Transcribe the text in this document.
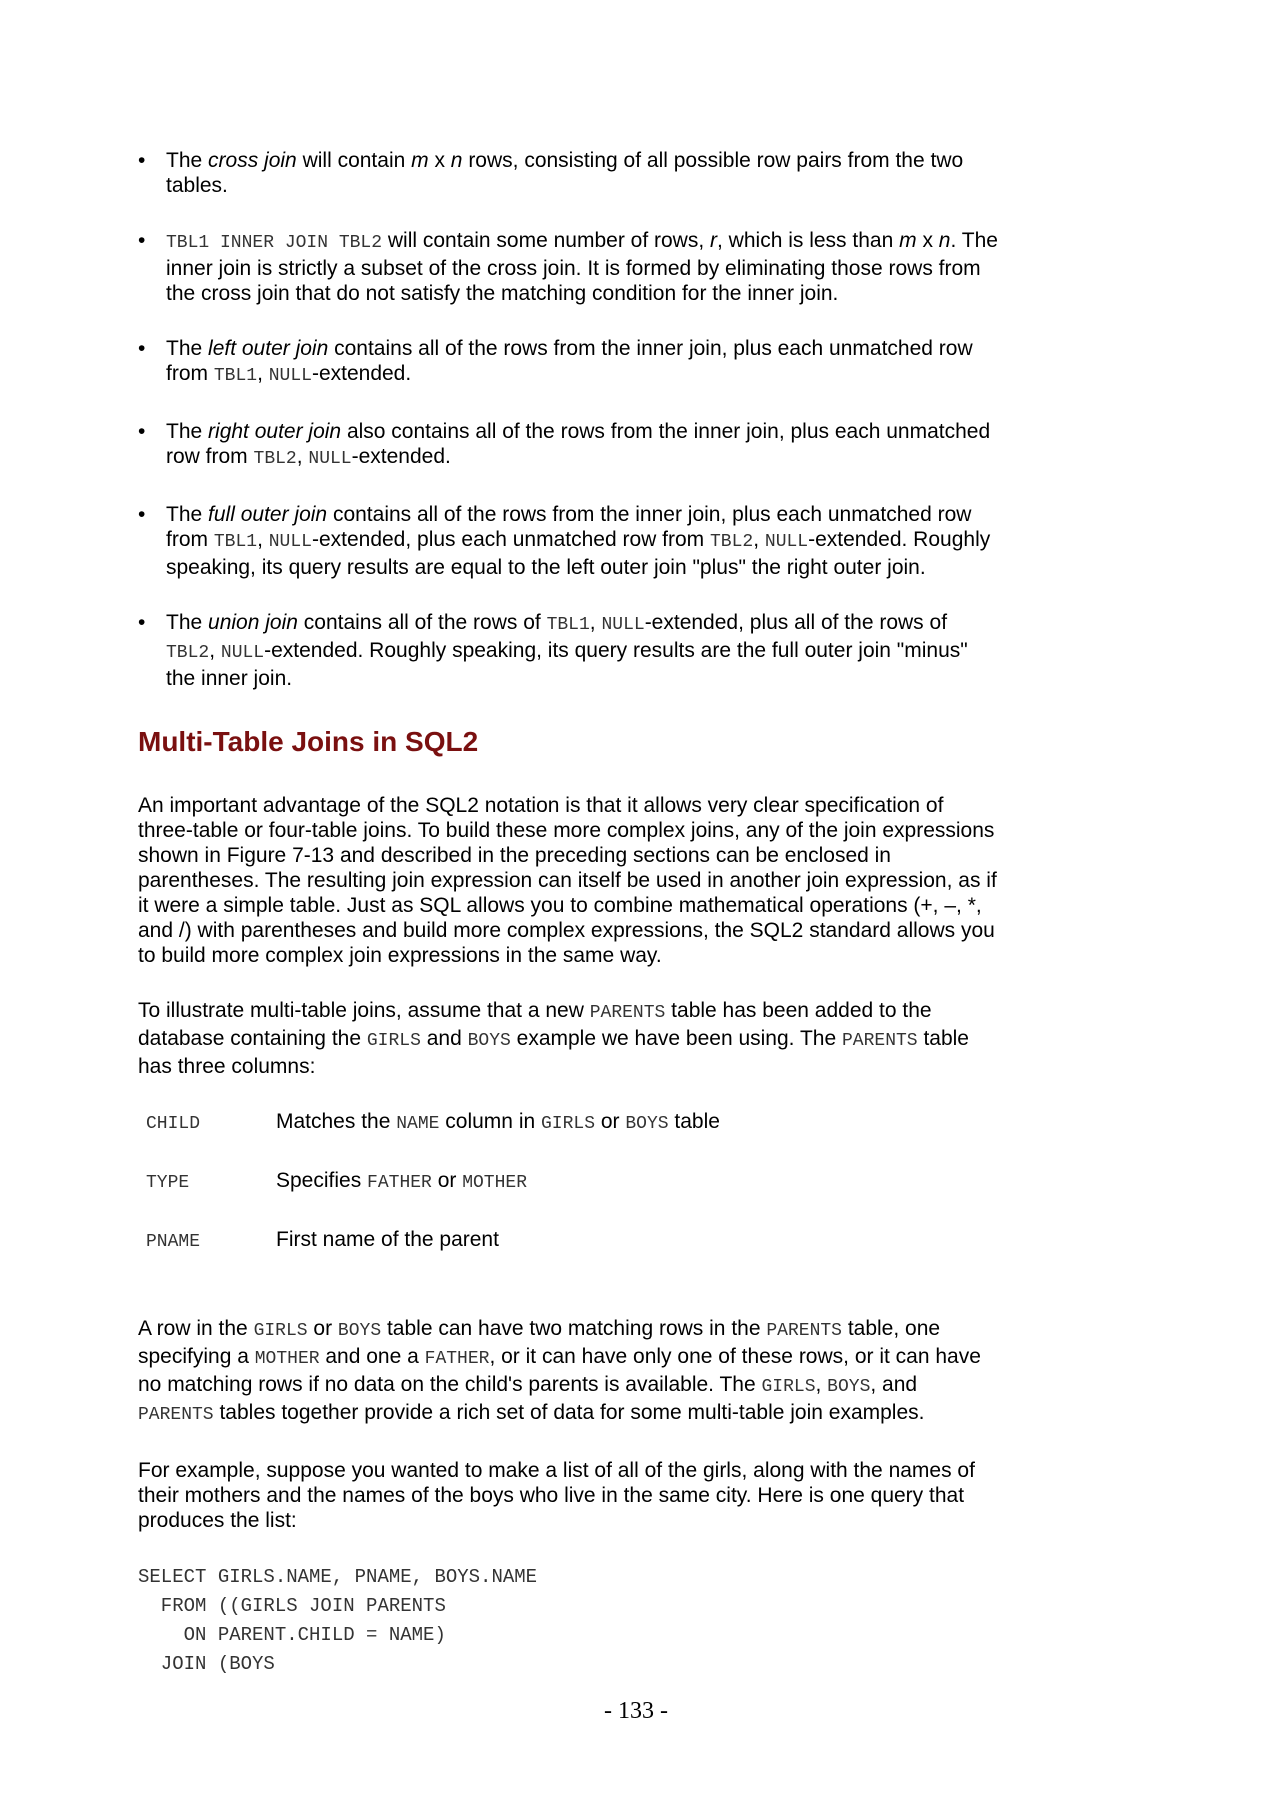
• The cross join will contain m x n rows, consisting of all possible row pairs from the two tables.
• TBL1 INNER JOIN TBL2 will contain some number of rows, r, which is less than m x n. The inner join is strictly a subset of the cross join. It is formed by eliminating those rows from the cross join that do not satisfy the matching condition for the inner join.
• The left outer join contains all of the rows from the inner join, plus each unmatched row from TBL1, NULL-extended.
• The right outer join also contains all of the rows from the inner join, plus each unmatched row from TBL2, NULL-extended.
• The full outer join contains all of the rows from the inner join, plus each unmatched row from TBL1, NULL-extended, plus each unmatched row from TBL2, NULL-extended. Roughly speaking, its query results are equal to the left outer join "plus" the right outer join.
• The union join contains all of the rows of TBL1, NULL-extended, plus all of the rows of TBL2, NULL-extended. Roughly speaking, its query results are the full outer join "minus" the inner join.
Multi-Table Joins in SQL2

An important advantage of the SQL2 notation is that it allows very clear specification of three-table or four-table joins. To build these more complex joins, any of the join expressions shown in Figure 7-13 and described in the preceding sections can be enclosed in parentheses. The resulting join expression can itself be used in another join expression, as if it were a simple table. Just as SQL allows you to combine mathematical operations (+, –, *, and /) with parentheses and build more complex expressions, the SQL2 standard allows you to build more complex join expressions in the same way.

To illustrate multi-table joins, assume that a new PARENTS table has been added to the database containing the GIRLS and BOYS example we have been using. The PARENTS table has three columns:

CHILD	Matches the NAME column in GIRLS or BOYS table
TYPE	Specifies FATHER or MOTHER
PNAME	First name of the parent

A row in the GIRLS or BOYS table can have two matching rows in the PARENTS table, one specifying a MOTHER and one a FATHER, or it can have only one of these rows, or it can have no matching rows if no data on the child's parents is available. The GIRLS, BOYS, and PARENTS tables together provide a rich set of data for some multi-table join examples.

For example, suppose you wanted to make a list of all of the girls, along with the names of their mothers and the names of the boys who live in the same city. Here is one query that produces the list:

SELECT GIRLS.NAME, PNAME, BOYS.NAME
FROM ((GIRLS JOIN PARENTS
ON PARENT.CHILD = NAME)
JOIN (BOYS
- 133 -
